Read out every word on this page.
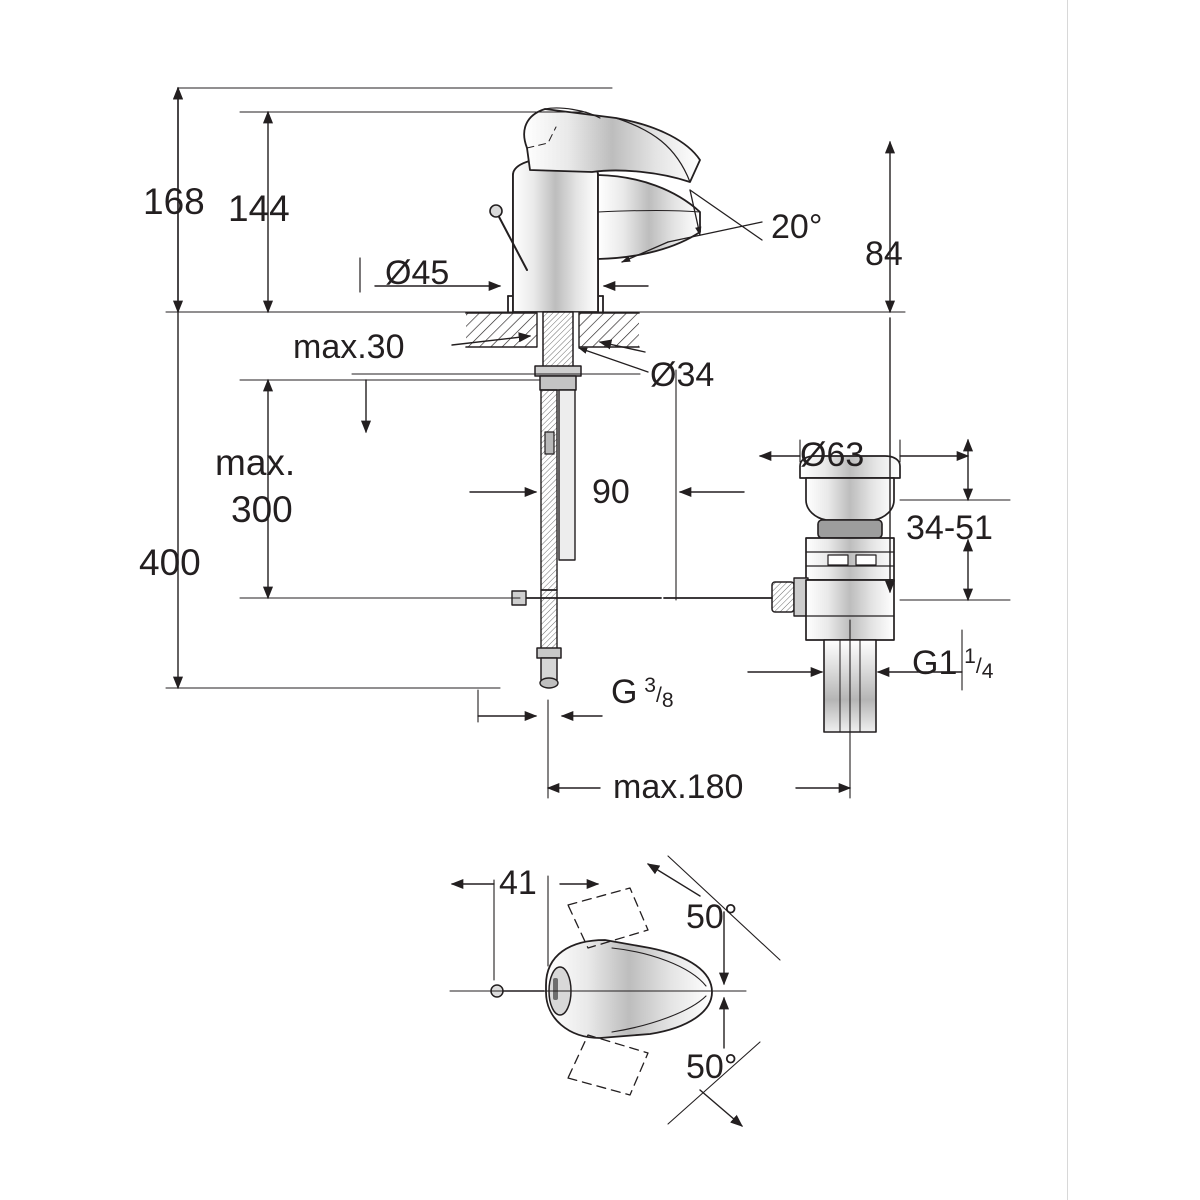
168 144
Ø45
20°
84
max.30
Ø34
max.
300
400
90
Ø63
34-51
G  3/8
G1  1/4
max.180
41
50°
50°
